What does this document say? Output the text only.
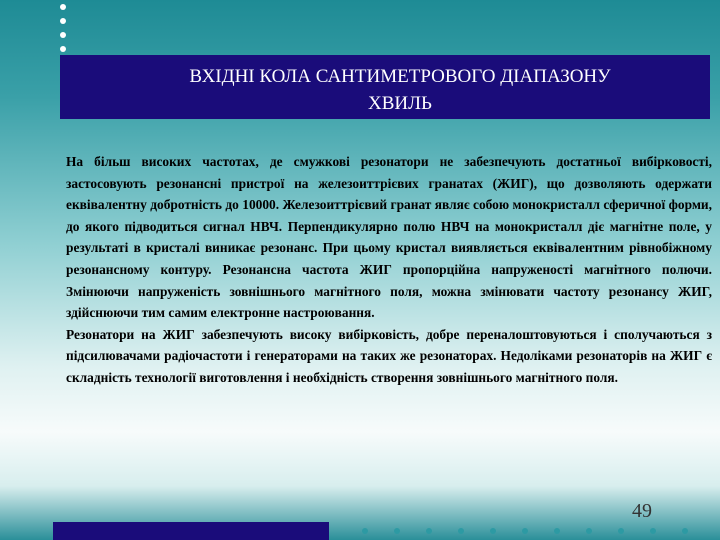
ВХІДНІ КОЛА САНТИМЕТРОВОГО ДІАПАЗОНУ
ХВИЛЬ

На більш високих частотах, де смужкові резонатори не забезпечують достатньої вибірковості, застосовують резонансні пристрої на железоиттрієвих гранатах (ЖИГ), що дозволяють одержати еквівалентну добротність до 10000. Железоиттрієвий гранат являє собою монокристалл сферичної форми, до якого підводиться сигнал НВЧ. Перпендикулярно полю НВЧ на монокристалл діє магнітне поле, у результаті в кристалі виникає резонанс. При цьому кристал виявляється еквівалентним рівнобіжному резонансному контуру. Резонансна частота ЖИГ пропорційна напруженості магнітного полючи. Змінюючи напруженість зовнішнього магнітного поля, можна змінювати частоту резонансу ЖИГ, здійснюючи тим самим електронне настроювання.

Резонатори на ЖИГ забезпечують високу вибірковість, добре переналоштовуються і сполучаються з підсилювачами радіочастоти і генераторами на таких же резонаторах. Недоліками резонаторів на ЖИГ є складність технології виготовлення і необхідність створення зовнішнього магнітного поля.

49
